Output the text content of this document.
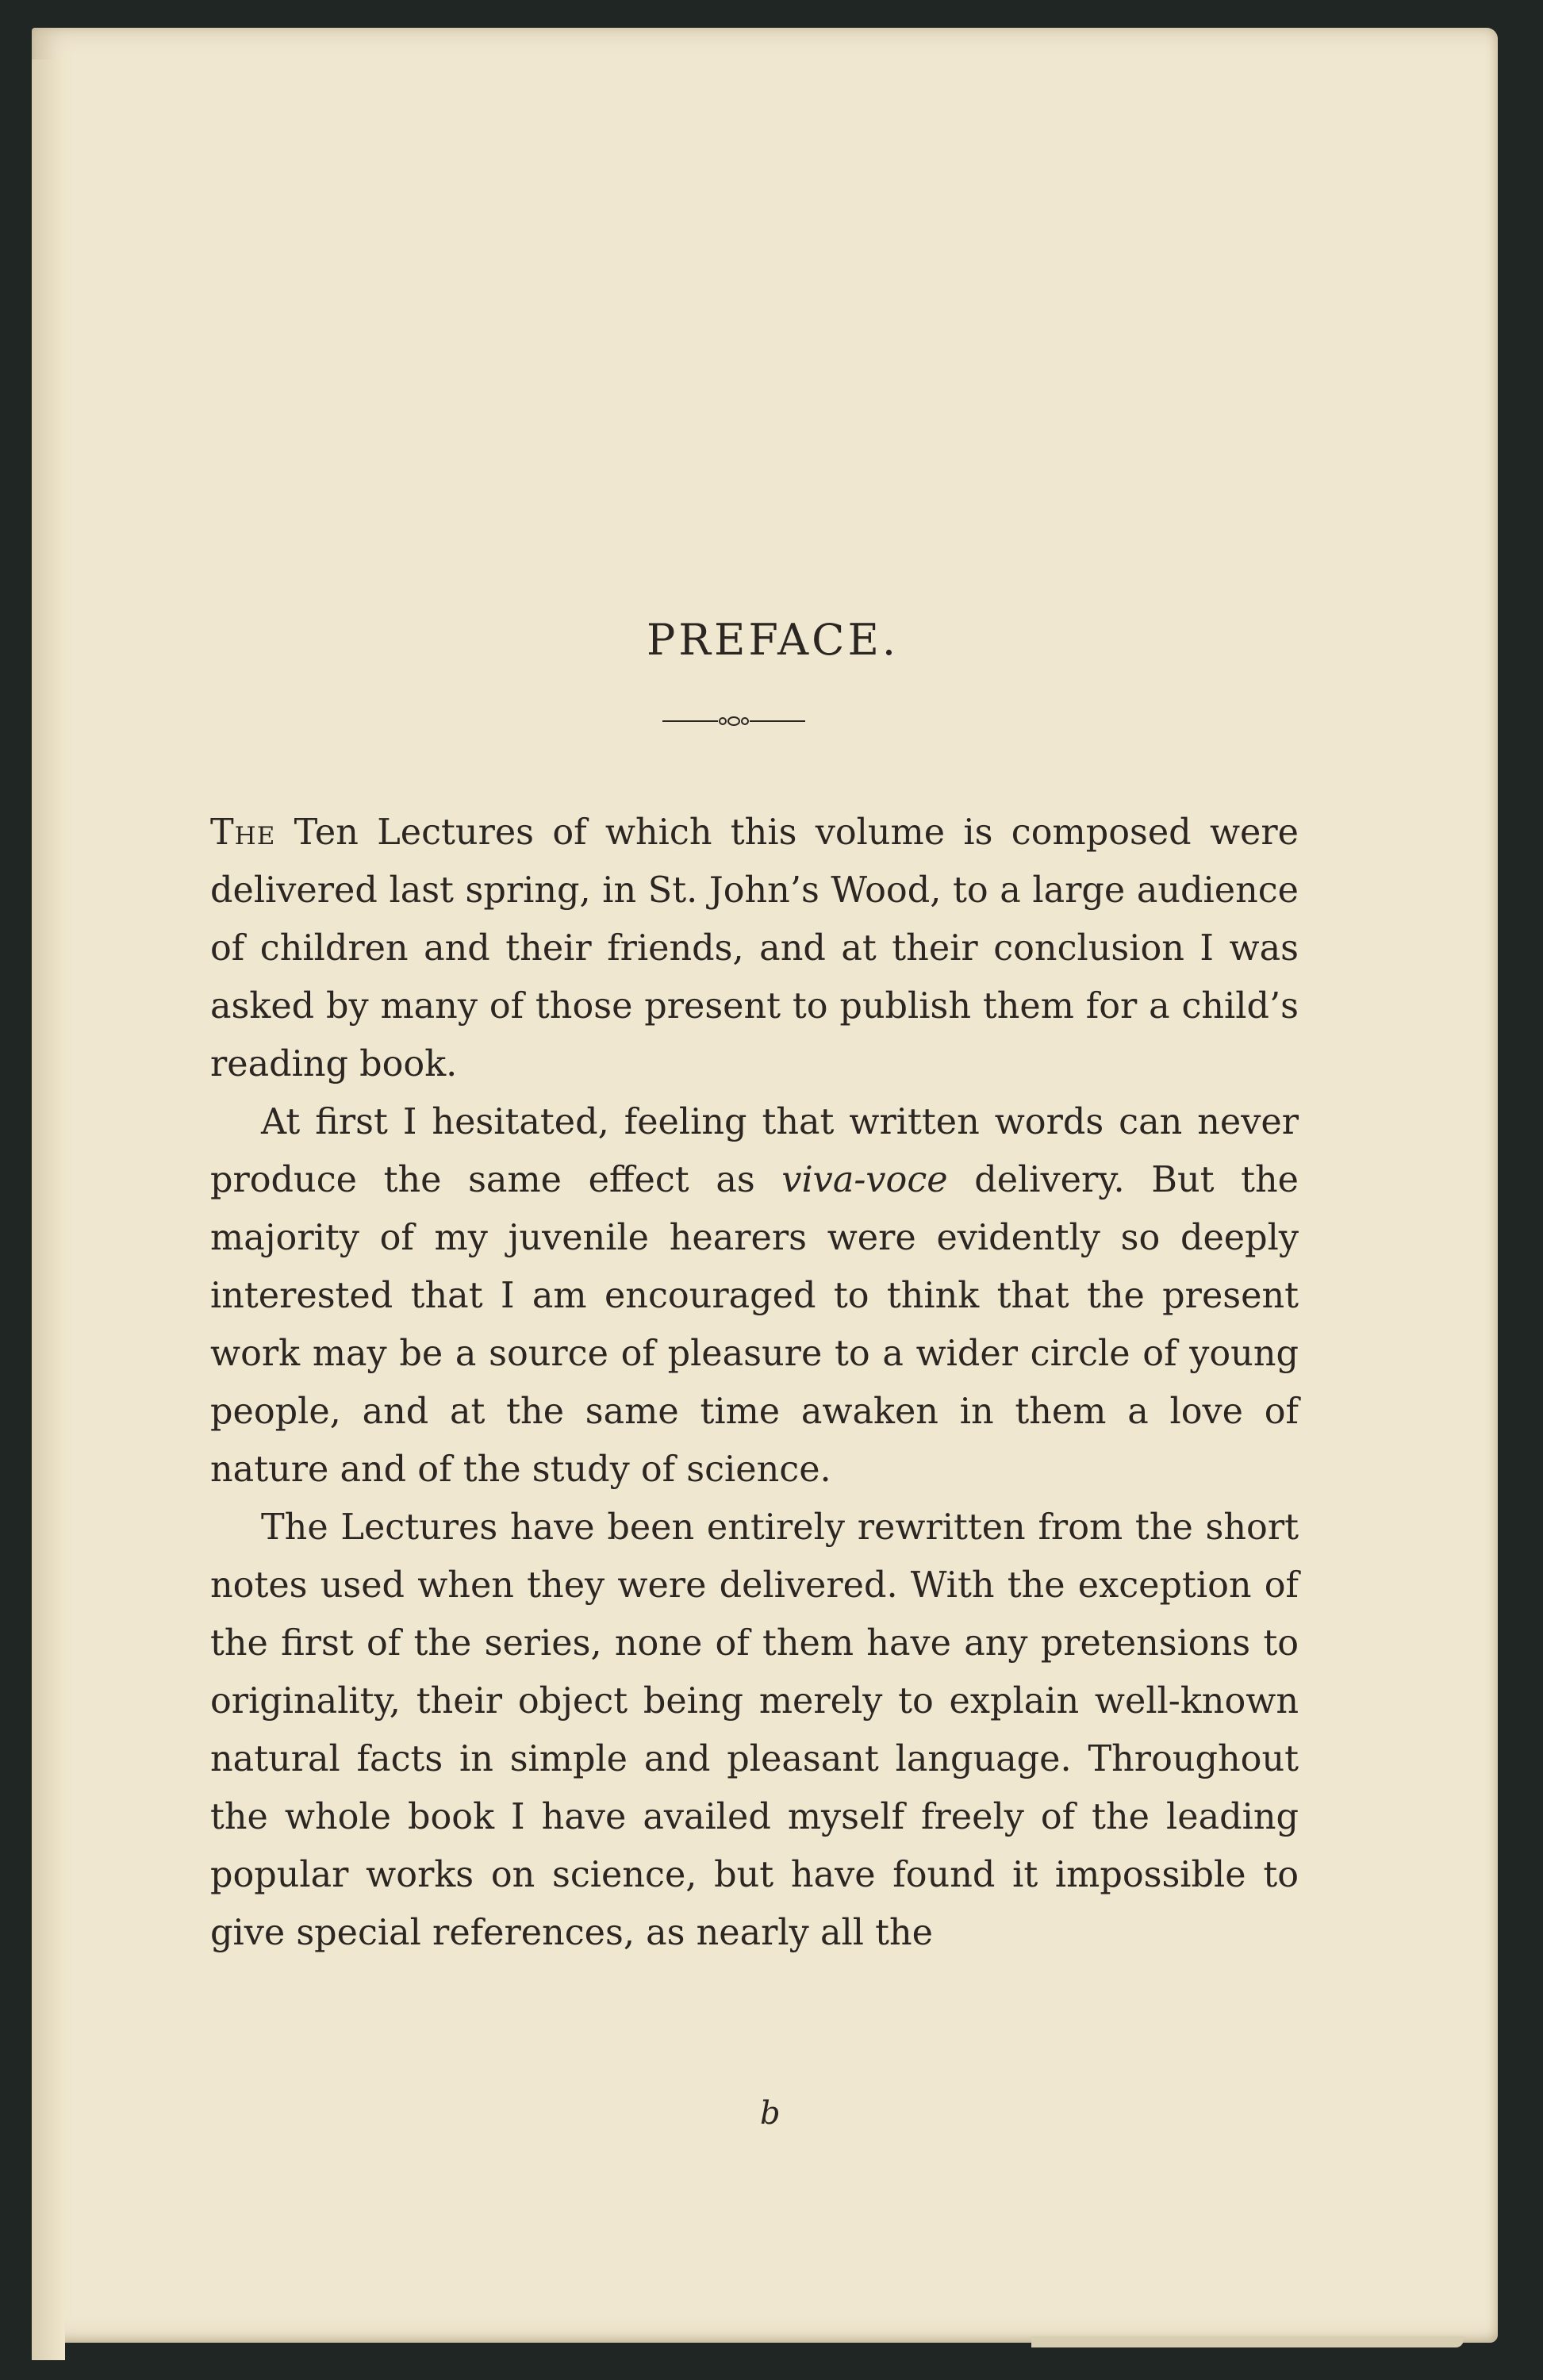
PREFACE.

The Ten Lectures of which this volume is composed were delivered last spring, in St. John’s Wood, to a large audience of children and their friends, and at their conclusion I was asked by many of those present to publish them for a child’s reading book.

At first I hesitated, feeling that written words can never produce the same effect as viva-voce delivery. But the majority of my juvenile hearers were evidently so deeply interested that I am encouraged to think that the present work may be a source of pleasure to a wider circle of young people, and at the same time awaken in them a love of nature and of the study of science.

The Lectures have been entirely rewritten from the short notes used when they were delivered. With the exception of the first of the series, none of them have any pretensions to originality, their object being merely to explain well-known natural facts in simple and pleasant language. Throughout the whole book I have availed myself freely of the leading popular works on science, but have found it impossible to give special references, as nearly all the

b
